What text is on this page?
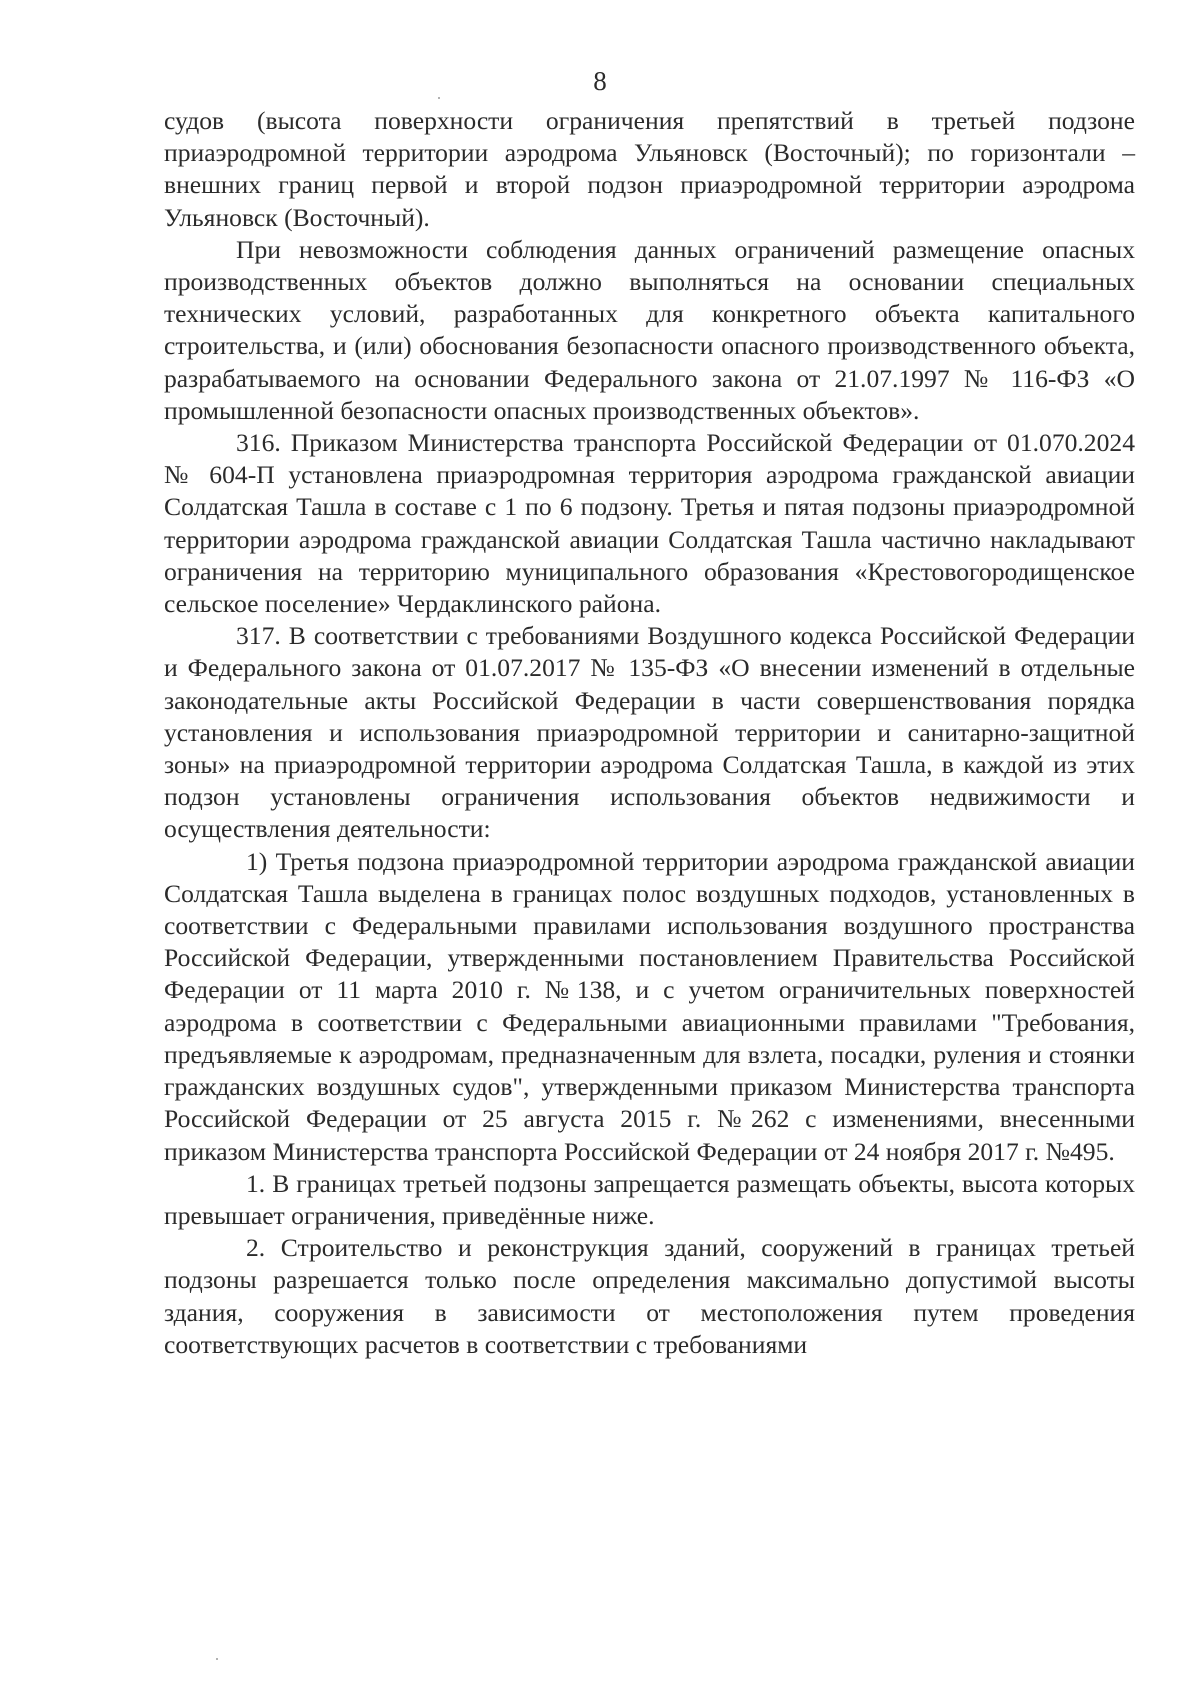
8

судов (высота поверхности ограничения препятствий в третьей подзоне приаэродромной территории аэродрома Ульяновск (Восточный); по горизонтали – внешних границ первой и второй подзон приаэродромной территории аэродрома Ульяновск (Восточный).

При невозможности соблюдения данных ограничений размещение опасных производственных объектов должно выполняться на основании специальных технических условий, разработанных для конкретного объекта капитального строительства, и (или) обоснования безопасности опасного производственного объекта, разрабатываемого на основании Федерального закона от 21.07.1997 № 116-ФЗ «О промышленной безопасности опасных производственных объектов».

316. Приказом Министерства транспорта Российской Федерации от 01.070.2024 № 604-П установлена приаэродромная территория аэродрома гражданской авиации Солдатская Ташла в составе с 1 по 6 подзону. Третья и пятая подзоны приаэродромной территории аэродрома гражданской авиации Солдатская Ташла частично накладывают ограничения на территорию муниципального образования «Крестовогородищенское сельское поселение» Чердаклинского района.

317. В соответствии с требованиями Воздушного кодекса Российской Федерации и Федерального закона от 01.07.2017 № 135-ФЗ «О внесении изменений в отдельные законодательные акты Российской Федерации в части совершенствования порядка установления и использования приаэродромной территории и санитарно-защитной зоны» на приаэродромной территории аэродрома Солдатская Ташла, в каждой из этих подзон установлены ограничения использования объектов недвижимости и осуществления деятельности:

1) Третья подзона приаэродромной территории аэродрома гражданской авиации Солдатская Ташла выделена в границах полос воздушных подходов, установленных в соответствии с Федеральными правилами использования воздушного пространства Российской Федерации, утвержденными постановлением Правительства Российской Федерации от 11 марта 2010 г. №138, и с учетом ограничительных поверхностей аэродрома в соответствии с Федеральными авиационными правилами "Требования, предъявляемые к аэродромам, предназначенным для взлета, посадки, руления и стоянки гражданских воздушных судов", утвержденными приказом Министерства транспорта Российской Федерации от 25 августа 2015 г. №262 с изменениями, внесенными приказом Министерства транспорта Российской Федерации от 24 ноября 2017 г. №495.

1. В границах третьей подзоны запрещается размещать объекты, высота которых превышает ограничения, приведённые ниже.

2. Строительство и реконструкция зданий, сооружений в границах третьей подзоны разрешается только после определения максимально допустимой высоты здания, сооружения в зависимости от местоположения путем проведения соответствующих расчетов в соответствии с требованиями
